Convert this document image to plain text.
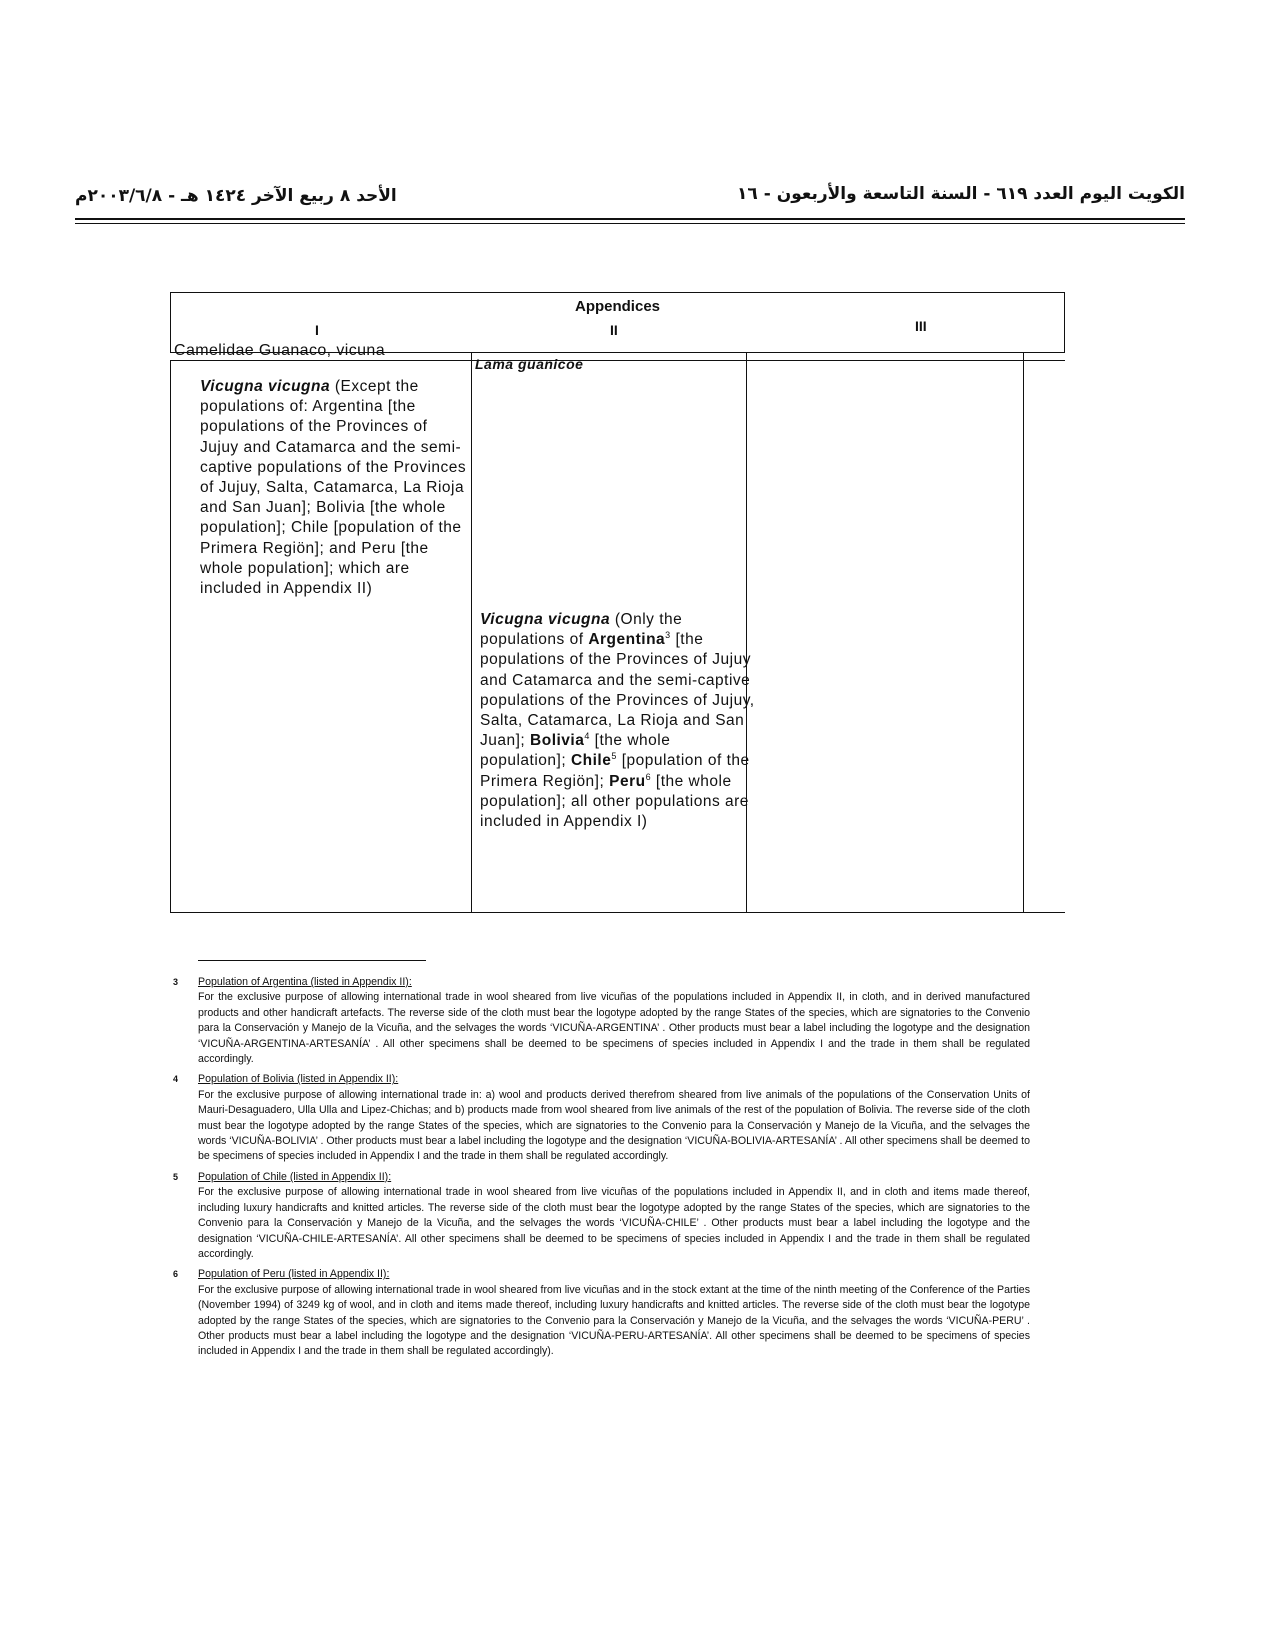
الكويت اليوم العدد ٦١٩ - السنة التاسعة والأربعون - ١٦
الأحد ٨ ربيع الآخر ١٤٢٤ هـ - ٢٠٠٣/٦/٨م
Appendices
I	II	III
Camelidae Guanaco, vicuna
Vicugna vicugna (Except the populations of: Argentina [the populations of the Provinces of Jujuy and Catamarca and the semi-captive populations of the Provinces of Jujuy, Salta, Catamarca, La Rioja and San Juan]; Bolivia [the whole population]; Chile [population of the Primera Regiön]; and Peru [the whole population]; which are included in Appendix II)
Lama guanicoe
Vicugna vicugna (Only the populations of Argentina$^3$ [the populations of the Provinces of Jujuy and Catamarca and the semi-captive populations of the Provinces of Jujuy, Salta, Catamarca, La Rioja and San Juan]; Bolivia$^4$ [the whole population]; Chile$^5$ [population of the Primera Regiön]; Peru$^6$ [the whole population]; all other populations are included in Appendix I)
3 Population of Argentina (listed in Appendix II):
For the exclusive purpose of allowing international trade in wool sheared from live vicuñas of the populations included in Appendix II, in cloth, and in derived manufactured products and other handicraft artefacts. The reverse side of the cloth must bear the logotype adopted by the range States of the species, which are signatories to the Convenio para la Conservación y Manejo de la Vicuña, and the selvages the words ‘VICUÑA-ARGENTINA’ . Other products must bear a label including the logotype and the designation ‘VICUÑA-ARGENTINA-ARTESANÍA’ . All other specimens shall be deemed to be specimens of species included in Appendix I and the trade in them shall be regulated accordingly.
4 Population of Bolivia (listed in Appendix II):
For the exclusive purpose of allowing international trade in: a) wool and products derived therefrom sheared from live animals of the populations of the Conservation Units of Mauri-Desaguadero, Ulla Ulla and Lipez-Chichas; and b) products made from wool sheared from live animals of the rest of the population of Bolivia. The reverse side of the cloth must bear the logotype adopted by the range States of the species, which are signatories to the Convenio para la Conservación y Manejo de la Vicuña, and the selvages the words ‘VICUÑA-BOLIVIA’ . Other products must bear a label including the logotype and the designation ‘VICUÑA-BOLIVIA-ARTESANÍA’ . All other specimens shall be deemed to be specimens of species included in Appendix I and the trade in them shall be regulated accordingly.
5 Population of Chile (listed in Appendix II):
For the exclusive purpose of allowing international trade in wool sheared from live vicuñas of the populations included in Appendix II, and in cloth and items made thereof, including luxury handicrafts and knitted articles. The reverse side of the cloth must bear the logotype adopted by the range States of the species, which are signatories to the Convenio para la Conservación y Manejo de la Vicuña, and the selvages the words ‘VICUÑA-CHILE’ . Other products must bear a label including the logotype and the designation ‘VICUÑA-CHILE-ARTESANÍA’. All other specimens shall be deemed to be specimens of species included in Appendix I and the trade in them shall be regulated accordingly.
6 Population of Peru (listed in Appendix II):
For the exclusive purpose of allowing international trade in wool sheared from live vicuñas and in the stock extant at the time of the ninth meeting of the Conference of the Parties (November 1994) of 3249 kg of wool, and in cloth and items made thereof, including luxury handicrafts and knitted articles. The reverse side of the cloth must bear the logotype adopted by the range States of the species, which are signatories to the Convenio para la Conservación y Manejo de la Vicuña, and the selvages the words ‘VICUÑA-PERU’ . Other products must bear a label including the logotype and the designation ‘VICUÑA-PERU-ARTESANÍA’. All other specimens shall be deemed to be specimens of species included in Appendix I and the trade in them shall be regulated accordingly).
